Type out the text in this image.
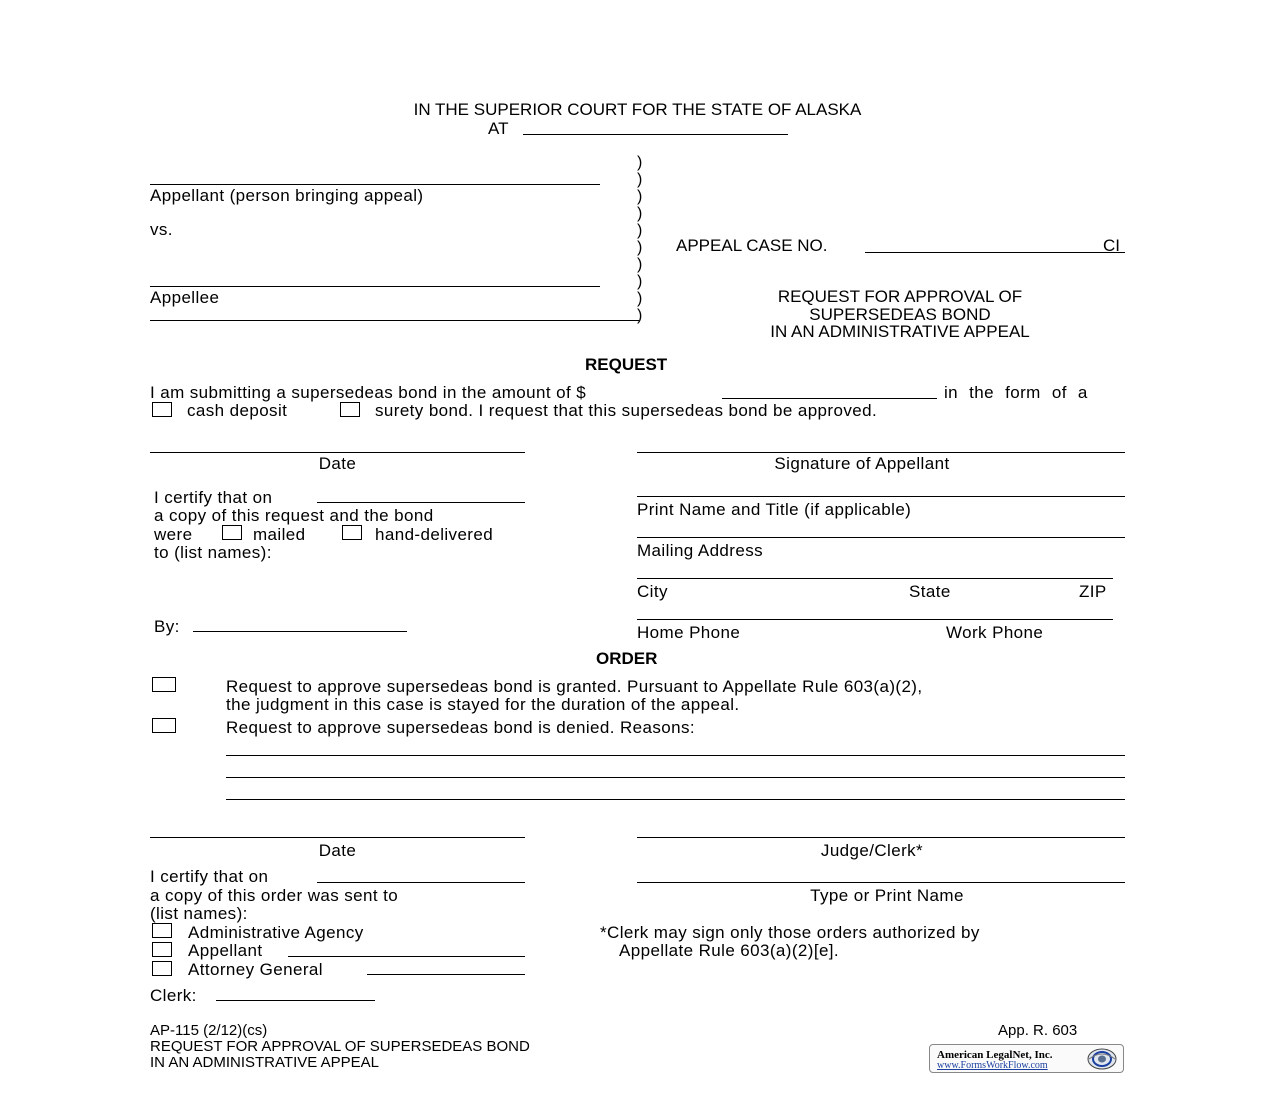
IN THE SUPERIOR COURT FOR THE STATE OF ALASKA
AT
)
)
)
)
)
)
)
)
)
)
Appellant (person bringing appeal)
vs.
Appellee
APPEAL CASE NO.	CI
REQUEST FOR APPROVAL OF
SUPERSEDEAS BOND
IN AN ADMINISTRATIVE APPEAL
REQUEST
I am submitting a supersedeas bond in the amount of $	in the form of a
cash deposit	surety bond. I request that this supersedeas bond be approved.
Date	Signature of Appellant
I certify that on
a copy of this request and the bond
were	mailed	hand-delivered
to (list names):
By:
Print Name and Title (if applicable)
Mailing Address
City	State	ZIP
Home Phone	Work Phone
ORDER
Request to approve supersedeas bond is granted. Pursuant to Appellate Rule 603(a)(2),
the judgment in this case is stayed for the duration of the appeal.
Request to approve supersedeas bond is denied. Reasons:
Date	Judge/Clerk*
I certify that on
a copy of this order was sent to
(list names):
Administrative Agency
Appellant
Attorney General
Clerk:
Type or Print Name
*Clerk may sign only those orders authorized by
Appellate Rule 603(a)(2)[e].
AP-115 (2/12)(cs)
REQUEST FOR APPROVAL OF SUPERSEDEAS BOND
IN AN ADMINISTRATIVE APPEAL
App. R. 603
American LegalNet, Inc.
www.FormsWorkFlow.com
